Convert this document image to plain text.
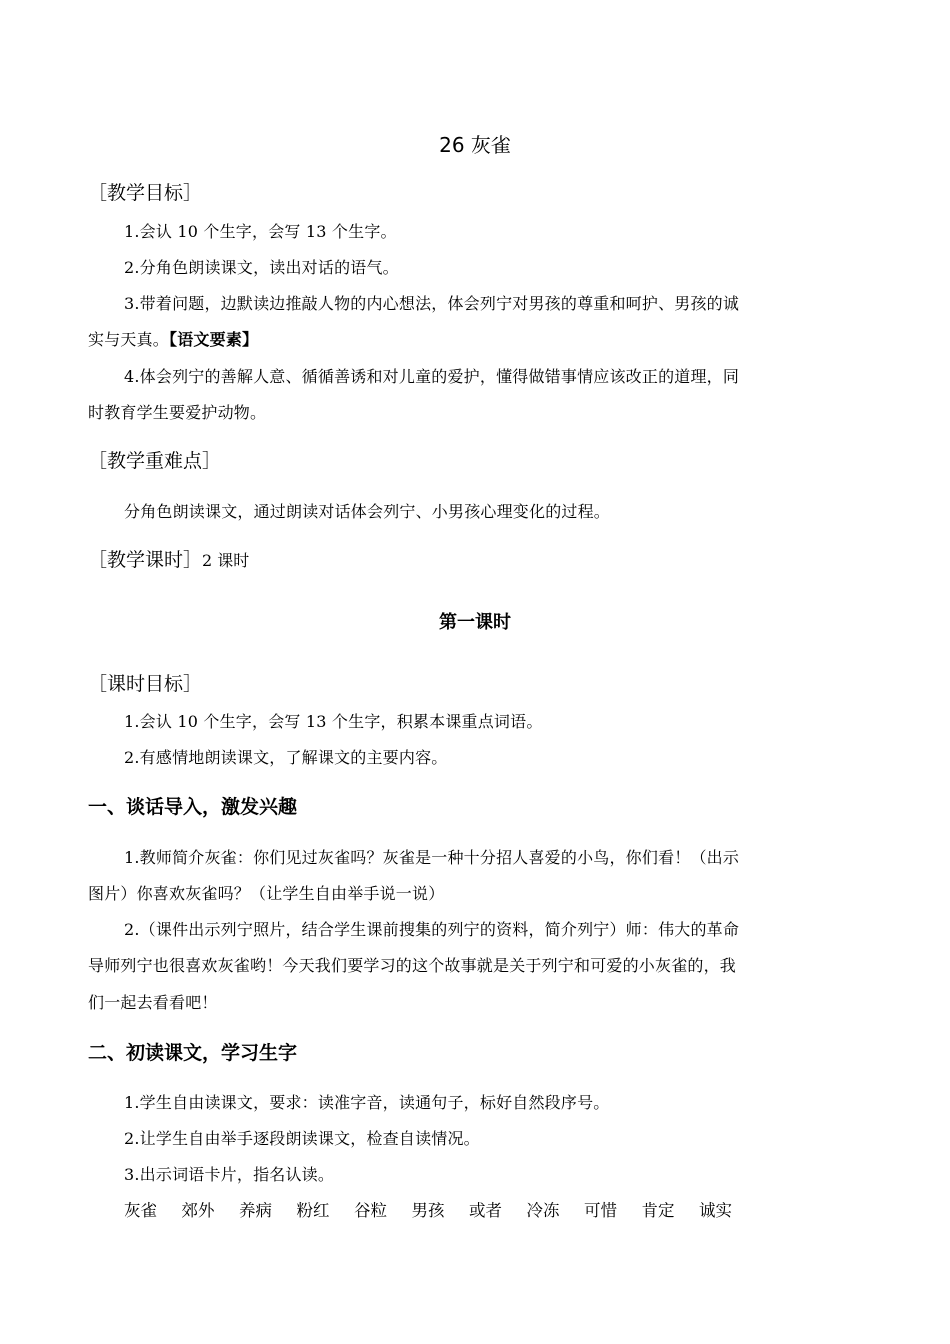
26 灰雀
［教学目标］
1.会认 10 个生字，会写 13 个生字。
2.分角色朗读课文，读出对话的语气。
3.带着问题，边默读边推敲人物的内心想法，体会列宁对男孩的尊重和呵护、男孩的诚
实与天真。【语文要素】
4.体会列宁的善解人意、循循善诱和对儿童的爱护，懂得做错事情应该改正的道理，同
时教育学生要爱护动物。
［教学重难点］
分角色朗读课文，通过朗读对话体会列宁、小男孩心理变化的过程。
［教学课时］2 课时
第一课时
［课时目标］
1.会认 10 个生字，会写 13 个生字，积累本课重点词语。
2.有感情地朗读课文，了解课文的主要内容。
一、谈话导入，激发兴趣
1.教师简介灰雀：你们见过灰雀吗？灰雀是一种十分招人喜爱的小鸟，你们看！（出示
图片）你喜欢灰雀吗？（让学生自由举手说一说）
2.（课件出示列宁照片，结合学生课前搜集的列宁的资料，简介列宁）师：伟大的革命
导师列宁也很喜欢灰雀哟！今天我们要学习的这个故事就是关于列宁和可爱的小灰雀的，我
们一起去看看吧！
二、初读课文，学习生字
1.学生自由读课文，要求：读准字音，读通句子，标好自然段序号。
2.让学生自由举手逐段朗读课文，检查自读情况。
3.出示词语卡片，指名认读。
灰雀 郊外 养病 粉红 谷粒 男孩 或者 冷冻 可惜 肯定 诚实
